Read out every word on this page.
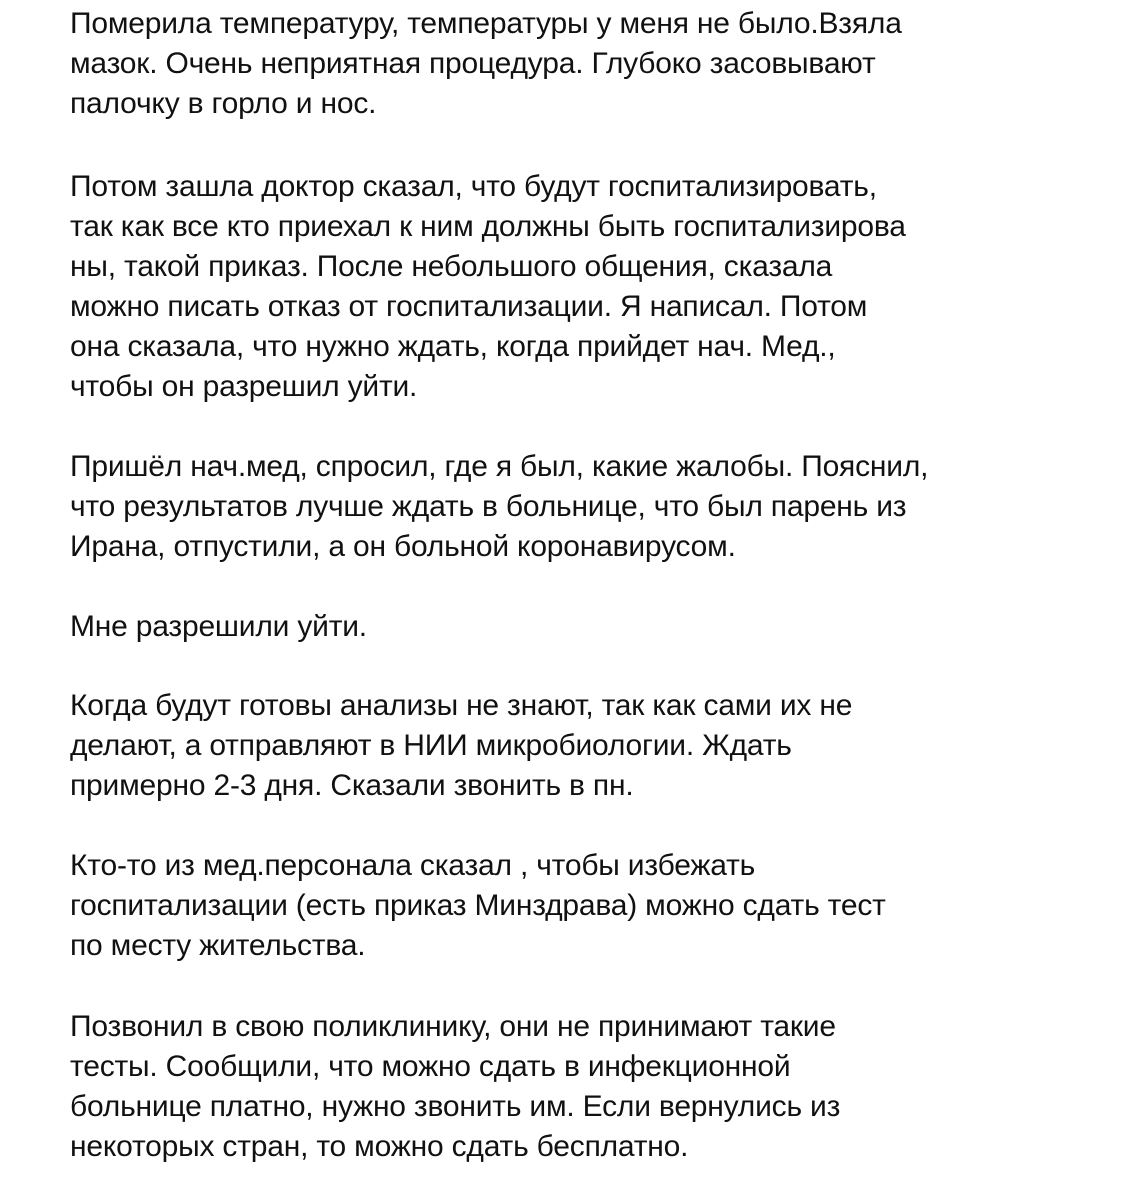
Померила температуру, температуры у меня не было.Взяла
мазок. Очень неприятная процедура. Глубоко засовывают
палочку в горло и нос.

Потом зашла доктор сказал, что будут госпитализировать,
так как все кто приехал к ним должны быть госпитализирова
ны, такой приказ. После небольшого общения, сказала
можно писать отказ от госпитализации. Я написал. Потом
она сказала, что нужно ждать, когда прийдет нач. Мед.,
чтобы он разрешил уйти.

Пришёл нач.мед, спросил, где я был, какие жалобы. Пояснил,
что результатов лучше ждать в больнице, что был парень из
Ирана, отпустили, а он больной коронавирусом.

Мне разрешили уйти.

Когда будут готовы анализы не знают, так как сами их не
делают, а отправляют в НИИ микробиологии. Ждать
примерно 2-3 дня. Сказали звонить в пн.

Кто-то из мед.персонала сказал , чтобы избежать
госпитализации (есть приказ Минздрава) можно сдать тест
по месту жительства.

Позвонил в свою поликлинику, они не принимают такие
тесты. Сообщили, что можно сдать в инфекционной
больнице платно, нужно звонить им. Если вернулись из
некоторых стран, то можно сдать бесплатно.
